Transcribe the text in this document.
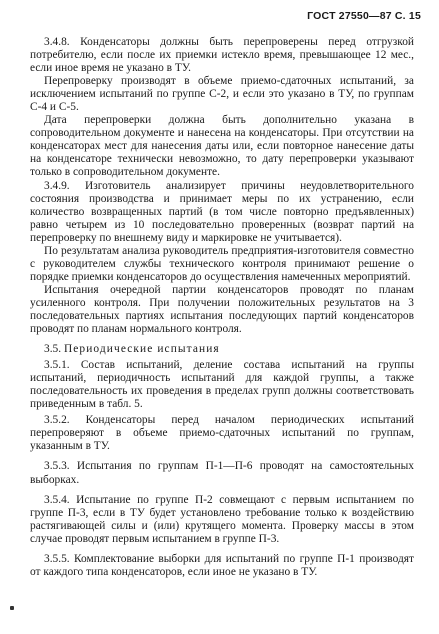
ГОСТ 27550—87 С. 15

3.4.8. Конденсаторы должны быть перепроверены перед отгрузкой потребителю, если после их приемки истекло время, превышающее 12 мес., если иное время не указано в ТУ.

Перепроверку производят в объеме приемо-сдаточных испытаний, за исключением испытаний по группе С-2, и если это указано в ТУ, по группам С-4 и С-5.

Дата перепроверки должна быть дополнительно указана в сопроводительном документе и нанесена на конденсаторы. При отсутствии на конденсаторах мест для нанесения даты или, если повторное нанесение даты на конденсаторе технически невозможно, то дату перепроверки указывают только в сопроводительном документе.

3.4.9. Изготовитель анализирует причины неудовлетворительного состояния производства и принимает меры по их устранению, если количество возвращенных партий (в том числе повторно предъявленных) равно четырем из 10 последовательно проверенных (возврат партий на перепроверку по внешнему виду и маркировке не учитывается).

По результатам анализа руководитель предприятия-изготовителя совместно с руководителем службы технического контроля принимают решение о порядке приемки конденсаторов до осуществления намеченных мероприятий.

Испытания очередной партии конденсаторов проводят по планам усиленного контроля. При получении положительных результатов на 3 последовательных партиях испытания последующих партий конденсаторов проводят по планам нормального контроля.

3.5. Периодические испытания

3.5.1. Состав испытаний, деление состава испытаний на группы испытаний, периодичность испытаний для каждой группы, а также последовательность их проведения в пределах групп должны соответствовать приведенным в табл. 5.

3.5.2. Конденсаторы перед началом периодических испытаний перепроверяют в объеме приемо-сдаточных испытаний по группам, указанным в ТУ.

3.5.3. Испытания по группам П-1—П-6 проводят на самостоятельных выборках.

3.5.4. Испытание по группе П-2 совмещают с первым испытанием по группе П-3, если в ТУ будет установлено требование только к воздействию растягивающей силы и (или) крутящего момента. Проверку массы в этом случае проводят первым испытанием в группе П-3.

3.5.5. Комплектование выборки для испытаний по группе П-1 производят от каждого типа конденсаторов, если иное не указано в ТУ.
